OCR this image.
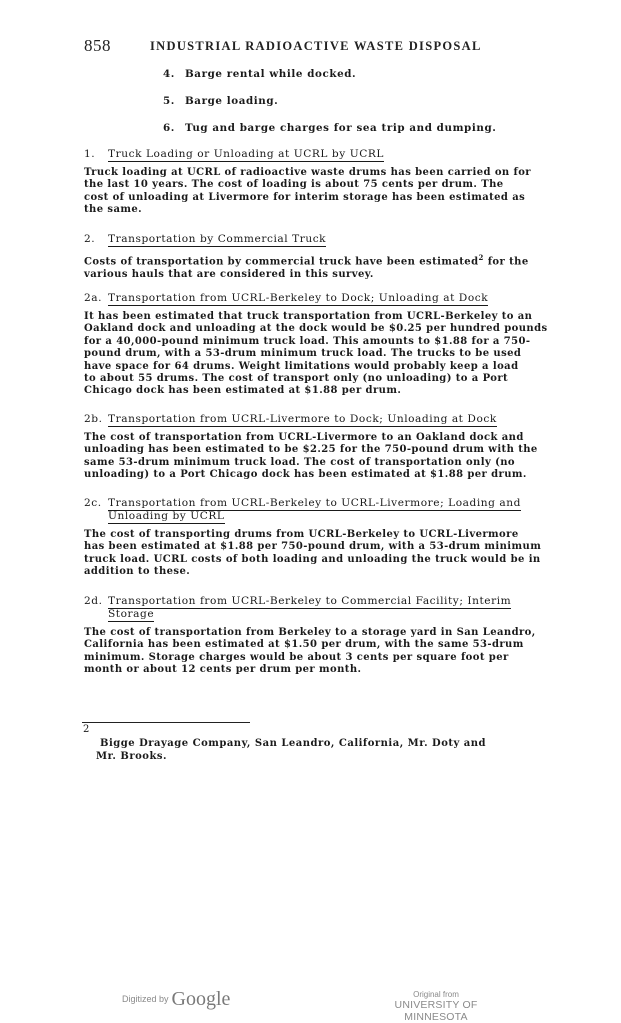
858	INDUSTRIAL RADIOACTIVE WASTE DISPOSAL
4. Barge rental while docked.
5. Barge loading.
6. Tug and barge charges for sea trip and dumping.
1. Truck Loading or Unloading at UCRL by UCRL
Truck loading at UCRL of radioactive waste drums has been carried on for
the last 10 years. The cost of loading is about 75 cents per drum. The
cost of unloading at Livermore for interim storage has been estimated as
the same.
2. Transportation by Commercial Truck
Costs of transportation by commercial truck have been estimated$^2$ for the
various hauls that are considered in this survey.
2a. Transportation from UCRL-Berkeley to Dock; Unloading at Dock
It has been estimated that truck transportation from UCRL-Berkeley to an
Oakland dock and unloading at the dock would be $0.25 per hundred pounds
for a 40,000-pound minimum truck load. This amounts to $1.88 for a 750-
pound drum, with a 53-drum minimum truck load. The trucks to be used
have space for 64 drums. Weight limitations would probably keep a load
to about 55 drums. The cost of transport only (no unloading) to a Port
Chicago dock has been estimated at $1.88 per drum.
2b. Transportation from UCRL-Livermore to Dock; Unloading at Dock
The cost of transportation from UCRL-Livermore to an Oakland dock and
unloading has been estimated to be $2.25 for the 750-pound drum with the
same 53-drum minimum truck load. The cost of transportation only (no
unloading) to a Port Chicago dock has been estimated at $1.88 per drum.
2c. Transportation from UCRL-Berkeley to UCRL-Livermore; Loading and
Unloading by UCRL
The cost of transporting drums from UCRL-Berkeley to UCRL-Livermore
has been estimated at $1.88 per 750-pound drum, with a 53-drum minimum
truck load. UCRL costs of both loading and unloading the truck would be in
addition to these.
2d. Transportation from UCRL-Berkeley to Commercial Facility; Interim
Storage
The cost of transportation from Berkeley to a storage yard in San Leandro,
California has been estimated at $1.50 per drum, with the same 53-drum
minimum. Storage charges would be about 3 cents per square foot per
month or about 12 cents per drum per month.
2
Bigge Drayage Company, San Leandro, California, Mr. Doty and
Mr. Brooks.
Digitized by Google	Original from
UNIVERSITY OF MINNESOTA
